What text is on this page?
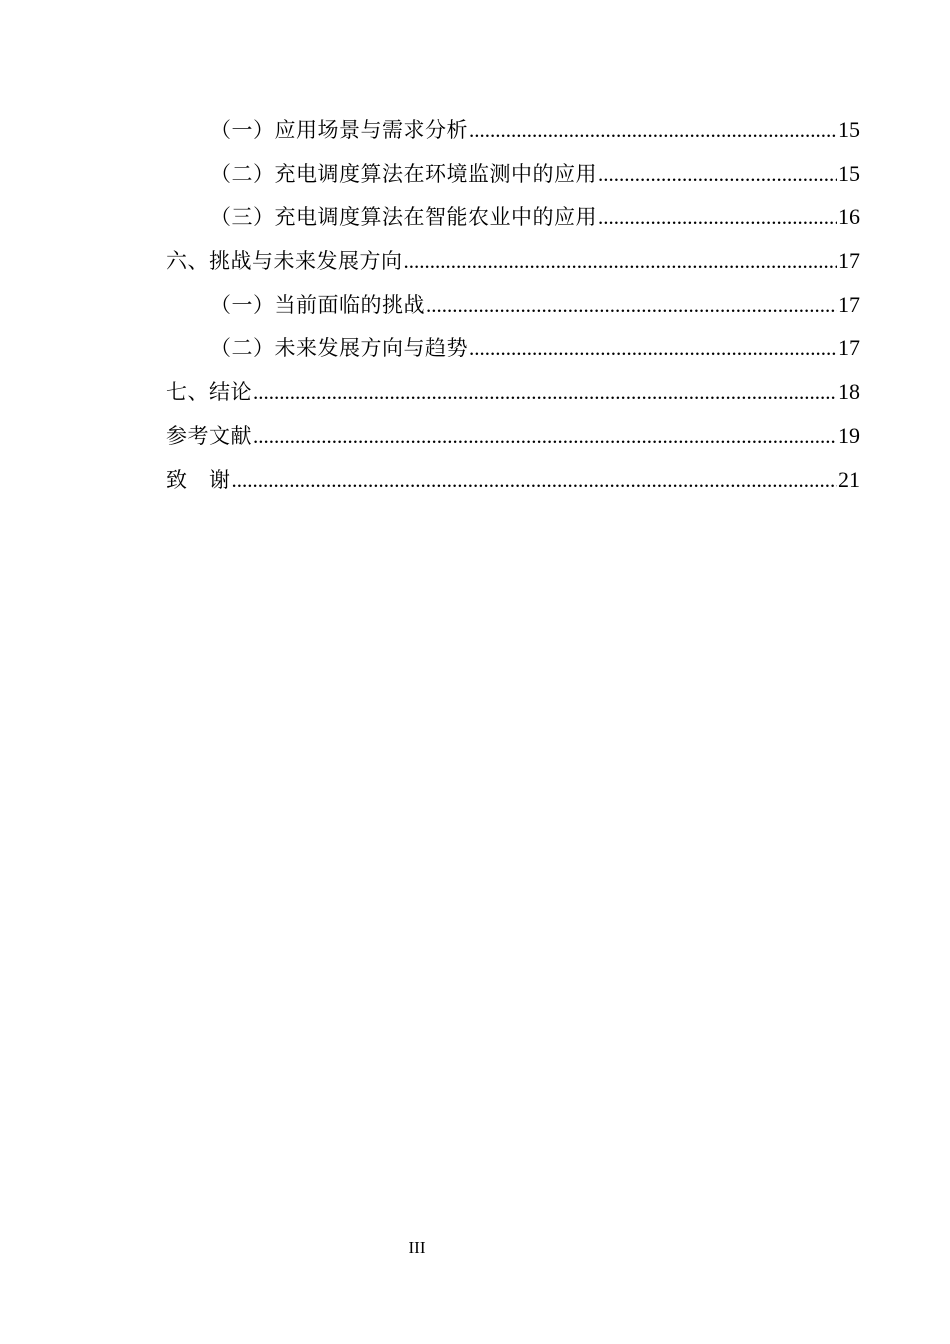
（一）应用场景与需求分析 .....	15
（二）充电调度算法在环境监测中的应用 .....	15
（三）充电调度算法在智能农业中的应用 .....	16
六、挑战与未来发展方向 .....	17
（一）当前面临的挑战 .....	17
（二）未来发展方向与趋势 .....	17
七、结论 .....	18
参考文献 .....	19
致　谢 .....	21
III
